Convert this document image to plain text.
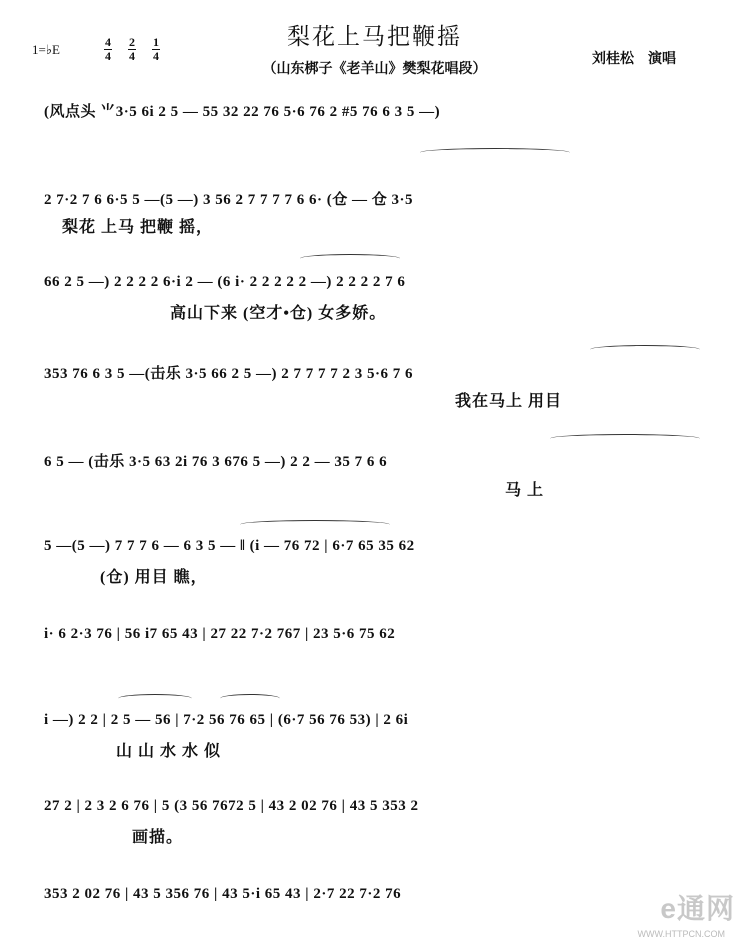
梨花上马把鞭摇
（山东梆子《老羊山》樊梨花唱段）
刘桂松　演唱
1=♭E	$\frac{4}{4} \frac{2}{4} \frac{1}{4}$
(风点头 ⺌3·5 6i 2 5 — 55 32 22 76 5·6 76 2 #5 76 6 3 5 —)
2 7·2 7 6 6·5 5 —(5 —) 3 56 2 7 7 7 7 6 6· (仓 — 仓 3·5
梨花 上马 把鞭 摇，
66 2 5 —) 2 2 2 2 6·i 2 — (6 i· 2 2 2 2 2 —) 2 2 2 2 7 6
高山下来 (空才•仓) 女多娇。
353 76 6 3 5 —(击乐 3·5 66 2 5 —) 2 7 7 7 7 2 3 5·6 7 6
我在马上 用目
6 5 — (击乐 3·5 63 2i 76 3 676 5 —) 2 2 — 35 7 6 6
马 上
5 —(5 —) 7 7 7 6 — 6 3 5 — ‖ (i — 76 72 | 6·7 65 35 62
(仓) 用目 瞧，
i· 6 2·3 76 | 56 i7 65 43 | 27 22 7·2 767 | 23 5·6 75 62
i —) 2 2 | 2 5 — 56 | 7·2 56 76 65 | (6·7 56 76 53) | 2 6i
山 山 水 水 似
27 2 | 2 3 2 6 76 | 5 (3 56 7672 5 | 43 2 02 76 | 43 5 353 2
画描。
353 2 02 76 | 43 5 356 76 | 43 5·i 65 43 | 2·7 22 7·2 76	e通网
WWW.HTTPCN.COM
